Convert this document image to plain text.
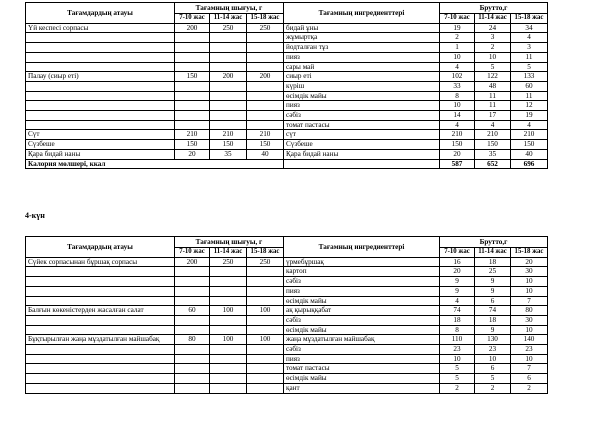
Тағамдардың атауы	Тағамның шығуы, г			Тағамның ингредиенттері	Брутто,г		
	7-10 жас	11-14 жас	15-18 жас		7-10 жас	11-14 жас	15-18 жас
Үй кеспесі сорпасы	200	250	250	бидай ұны	19	24	34
				жұмыртқа	2	3	4
				йодталған тұз	1	2	3
				пияз	10	10	11
				сары май	4	5	5
Палау (сиыр еті)	150	200	200	сиыр еті	102	122	133
				күріш	33	48	60
				өсімдік майы	8	11	11
				пияз	10	11	12
				сәбіз	14	17	19
				томат пастасы	4	4	4
Сүт	210	210	210	сүт	210	210	210
Сүзбеше	150	150	150	Сүзбеше	150	150	150
Қара бидай наны	20	35	40	Қара бидай наны	20	35	40
Калория мөлшері, ккал					587	652	696
4-күн
Тағамдардың атауы	Тағамның шығуы, г			Тағамның ингредиенттері	Брутто,г		
	7-10 жас	11-14 жас	15-18 жас		7-10 жас	11-14 жас	15-18 жас
Сүйек сорпасынан бұршақ сорпасы	200	250	250	үрмебұршақ	16	18	20
				картоп	20	25	30
				сәбіз	9	9	10
				пияз	9	9	10
				өсімдік майы	4	6	7
Балғын көкеністерден жасалған салат	60	100	100	ақ қырыққабат	74	74	80
				сәбіз	18	18	30
				өсімдік майы	8	9	10
Бұқтырылған жаңа мұздатылған майшабақ	80	100	100	жаңа мұздатылған майшабақ	110	130	140
				сәбіз	23	23	23
				пияз	10	10	10
				томат пастасы	5	6	7
				өсімдік майы	5	5	6
				қант	2	2	2
